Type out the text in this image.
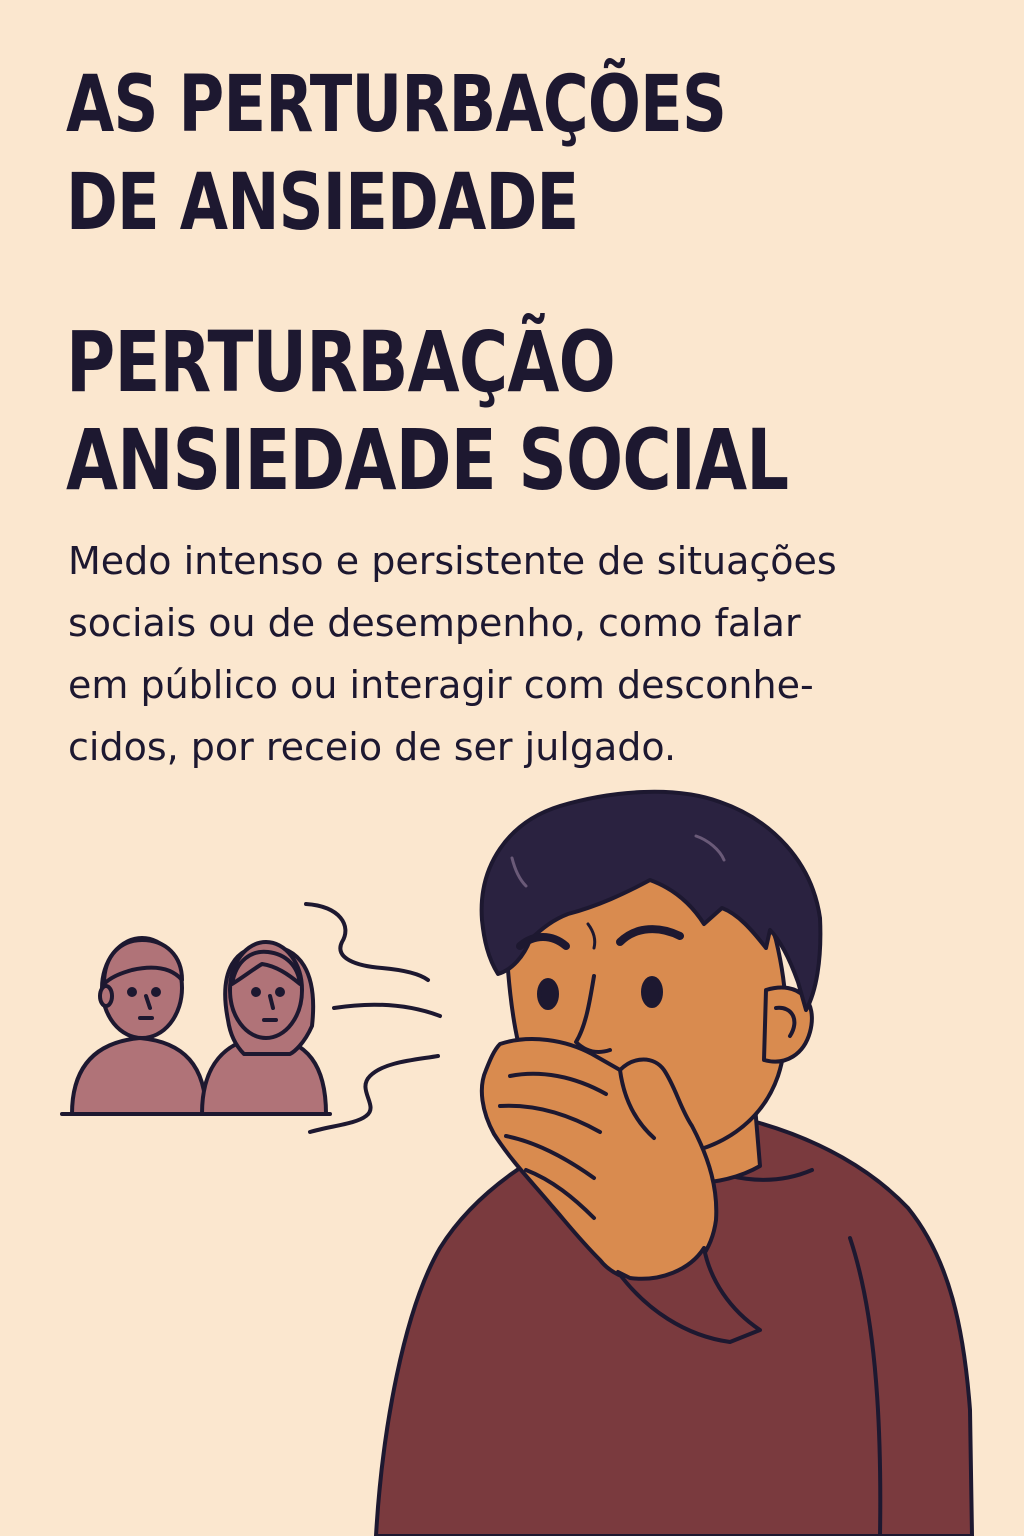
AS PERTURBAÇÕES
DE ANSIEDADE
PERTURBAÇÃO
ANSIEDADE SOCIAL

Medo intenso e persistente de situações
sociais ou de desempenho, como falar
em público ou interagir com desconhe-
cidos, por receio de ser julgado.
